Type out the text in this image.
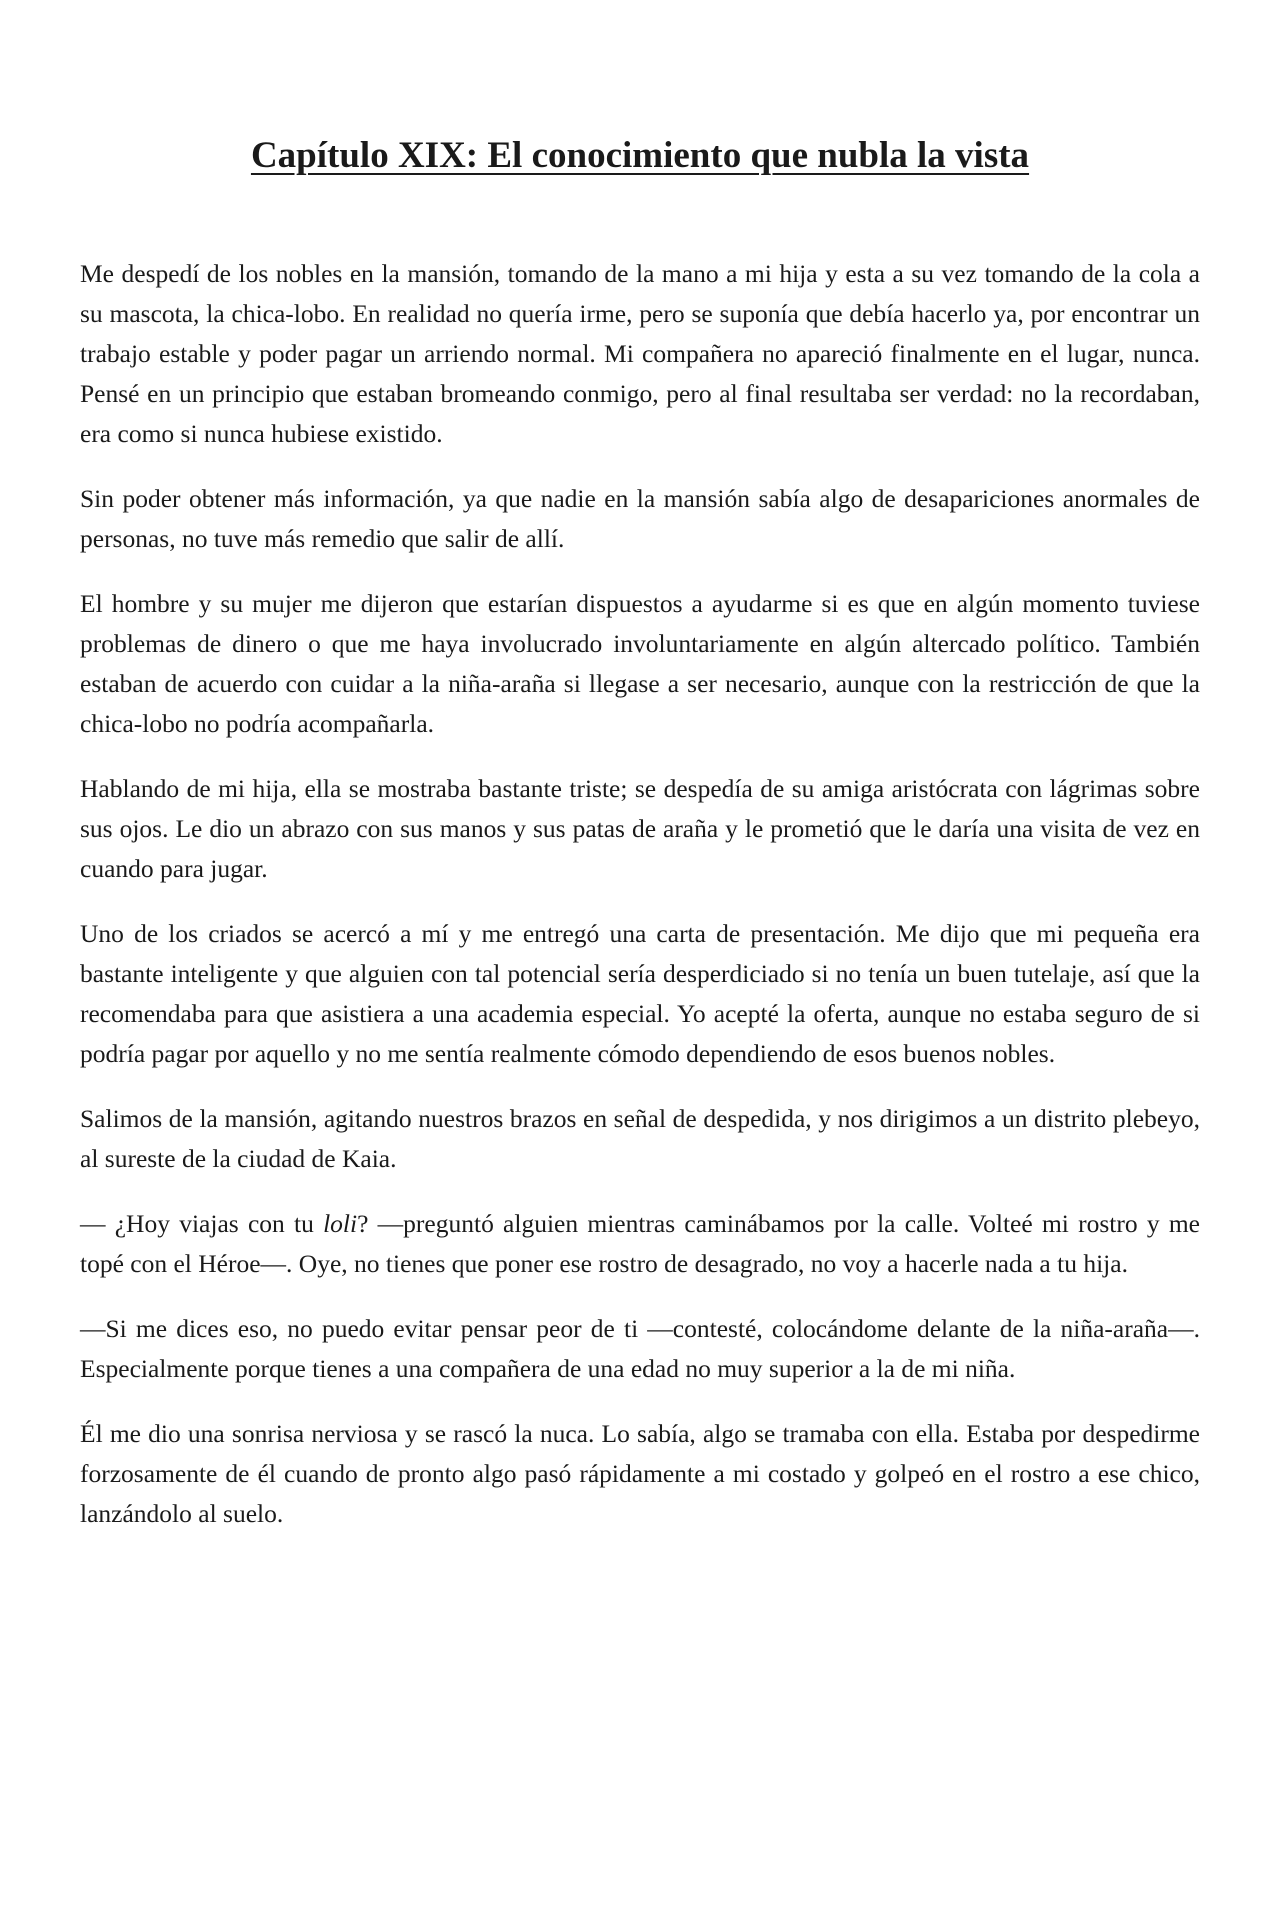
Capítulo XIX: El conocimiento que nubla la vista

Me despedí de los nobles en la mansión, tomando de la mano a mi hija y esta a su vez tomando de la cola a su mascota, la chica-lobo. En realidad no quería irme, pero se suponía que debía hacerlo ya, por encontrar un trabajo estable y poder pagar un arriendo normal. Mi compañera no apareció finalmente en el lugar, nunca. Pensé en un principio que estaban bromeando conmigo, pero al final resultaba ser verdad: no la recordaban, era como si nunca hubiese existido.

Sin poder obtener más información, ya que nadie en la mansión sabía algo de desapariciones anormales de personas, no tuve más remedio que salir de allí.

El hombre y su mujer me dijeron que estarían dispuestos a ayudarme si es que en algún momento tuviese problemas de dinero o que me haya involucrado involuntariamente en algún altercado político. También estaban de acuerdo con cuidar a la niña-araña si llegase a ser necesario, aunque con la restricción de que la chica-lobo no podría acompañarla.

Hablando de mi hija, ella se mostraba bastante triste; se despedía de su amiga aristócrata con lágrimas sobre sus ojos. Le dio un abrazo con sus manos y sus patas de araña y le prometió que le daría una visita de vez en cuando para jugar.

Uno de los criados se acercó a mí y me entregó una carta de presentación. Me dijo que mi pequeña era bastante inteligente y que alguien con tal potencial sería desperdiciado si no tenía un buen tutelaje, así que la recomendaba para que asistiera a una academia especial. Yo acepté la oferta, aunque no estaba seguro de si podría pagar por aquello y no me sentía realmente cómodo dependiendo de esos buenos nobles.

Salimos de la mansión, agitando nuestros brazos en señal de despedida, y nos dirigimos a un distrito plebeyo, al sureste de la ciudad de Kaia.

— ¿Hoy viajas con tu loli? —preguntó alguien mientras caminábamos por la calle. Volteé mi rostro y me topé con el Héroe—. Oye, no tienes que poner ese rostro de desagrado, no voy a hacerle nada a tu hija.

—Si me dices eso, no puedo evitar pensar peor de ti —contesté, colocándome delante de la niña-araña—. Especialmente porque tienes a una compañera de una edad no muy superior a la de mi niña.

Él me dio una sonrisa nerviosa y se rascó la nuca. Lo sabía, algo se tramaba con ella. Estaba por despedirme forzosamente de él cuando de pronto algo pasó rápidamente a mi costado y golpeó en el rostro a ese chico, lanzándolo al suelo.
